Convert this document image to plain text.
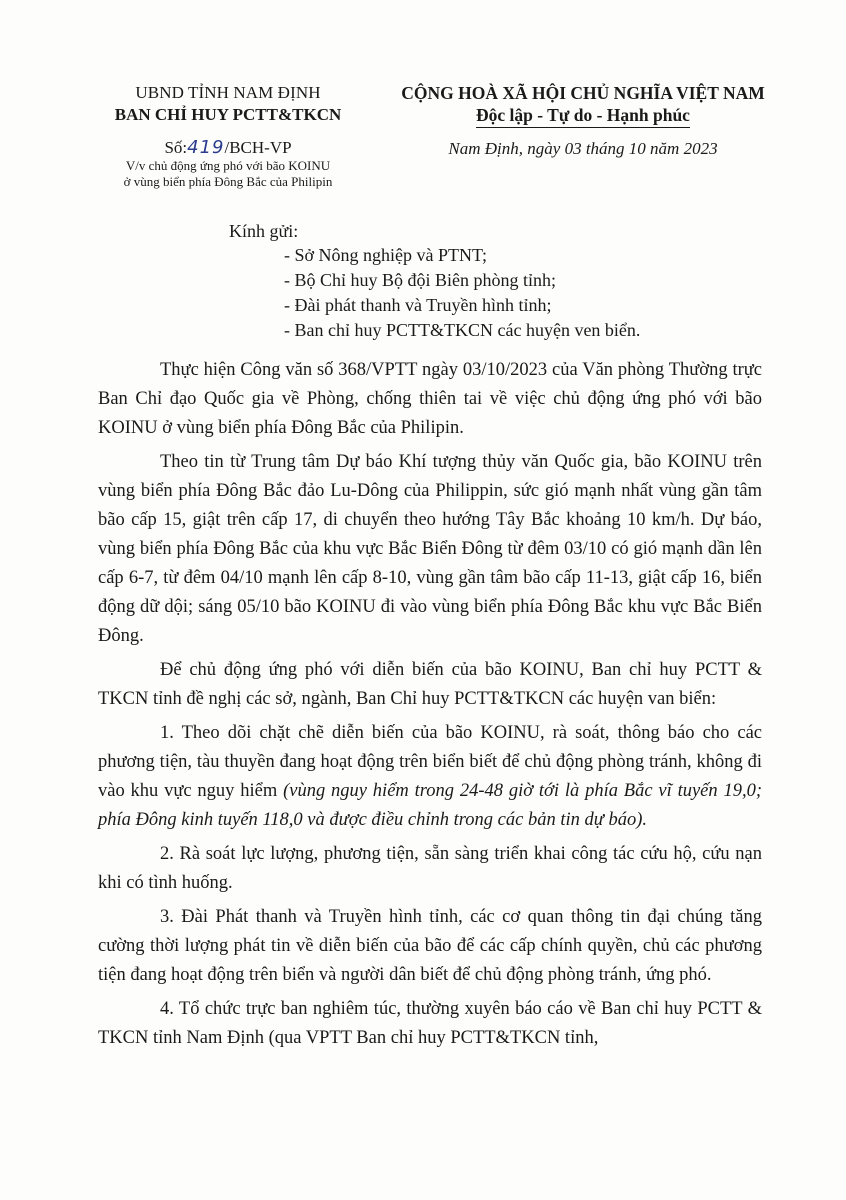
UBND TỈNH NAM ĐỊNH
BAN CHỈ HUY PCTT&TKCN
Số:419/BCH-VP
V/v chủ động ứng phó với bão KOINU
ở vùng biển phía Đông Bắc của Philipin
CỘNG HOÀ XÃ HỘI CHỦ NGHĨA VIỆT NAM
Độc lập - Tự do - Hạnh phúc
Nam Định, ngày 03 tháng 10 năm 2023
Kính gửi:
- Sở Nông nghiệp và PTNT;
- Bộ Chỉ huy Bộ đội Biên phòng tỉnh;
- Đài phát thanh và Truyền hình tỉnh;
- Ban chỉ huy PCTT&TKCN các huyện ven biển.

Thực hiện Công văn số 368/VPTT ngày 03/10/2023 của Văn phòng Thường trực Ban Chỉ đạo Quốc gia về Phòng, chống thiên tai về việc chủ động ứng phó với bão KOINU ở vùng biển phía Đông Bắc của Philipin.

Theo tin từ Trung tâm Dự báo Khí tượng thủy văn Quốc gia, bão KOINU trên vùng biển phía Đông Bắc đảo Lu-Dông của Philippin, sức gió mạnh nhất vùng gần tâm bão cấp 15, giật trên cấp 17, di chuyển theo hướng Tây Bắc khoảng 10 km/h. Dự báo, vùng biển phía Đông Bắc của khu vực Bắc Biển Đông từ đêm 03/10 có gió mạnh dần lên cấp 6-7, từ đêm 04/10 mạnh lên cấp 8-10, vùng gần tâm bão cấp 11-13, giật cấp 16, biển động dữ dội; sáng 05/10 bão KOINU đi vào vùng biển phía Đông Bắc khu vực Bắc Biển Đông.

Để chủ động ứng phó với diễn biến của bão KOINU, Ban chỉ huy PCTT & TKCN tỉnh đề nghị các sở, ngành, Ban Chỉ huy PCTT&TKCN các huyện van biển:

1. Theo dõi chặt chẽ diễn biến của bão KOINU, rà soát, thông báo cho các phương tiện, tàu thuyền đang hoạt động trên biển biết để chủ động phòng tránh, không đi vào khu vực nguy hiểm (vùng nguy hiểm trong 24-48 giờ tới là phía Bắc vĩ tuyến 19,0; phía Đông kinh tuyến 118,0 và được điều chỉnh trong các bản tin dự báo).

2. Rà soát lực lượng, phương tiện, sẵn sàng triển khai công tác cứu hộ, cứu nạn khi có tình huống.

3. Đài Phát thanh và Truyền hình tỉnh, các cơ quan thông tin đại chúng tăng cường thời lượng phát tin về diễn biến của bão để các cấp chính quyền, chủ các phương tiện đang hoạt động trên biển và người dân biết để chủ động phòng tránh, ứng phó.

4. Tổ chức trực ban nghiêm túc, thường xuyên báo cáo về Ban chỉ huy PCTT & TKCN tỉnh Nam Định (qua VPTT Ban chỉ huy PCTT&TKCN tỉnh,
